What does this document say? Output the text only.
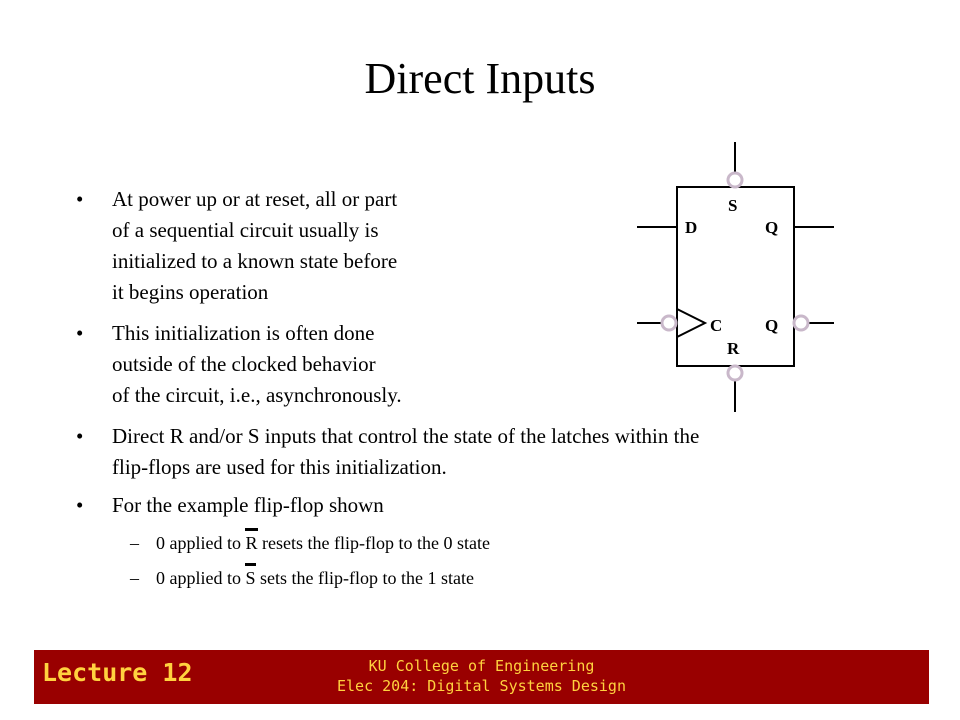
Direct Inputs
• At power up or at reset, all or part
of a sequential circuit usually is
initialized to a known state before
it begins operation
• This initialization is often done
outside of the clocked behavior
of the circuit, i.e., asynchronously.
• Direct R and/or S inputs that control the state of the latches within the
flip-flops are used for this initialization.
• For the example flip-flop shown
– 0 applied to R resets the flip-flop to the 0 state
– 0 applied to S sets the flip-flop to the 1 state
S
D	Q
C	Q
R
Lecture 12	KU College of Engineering
Elec 204: Digital Systems Design
